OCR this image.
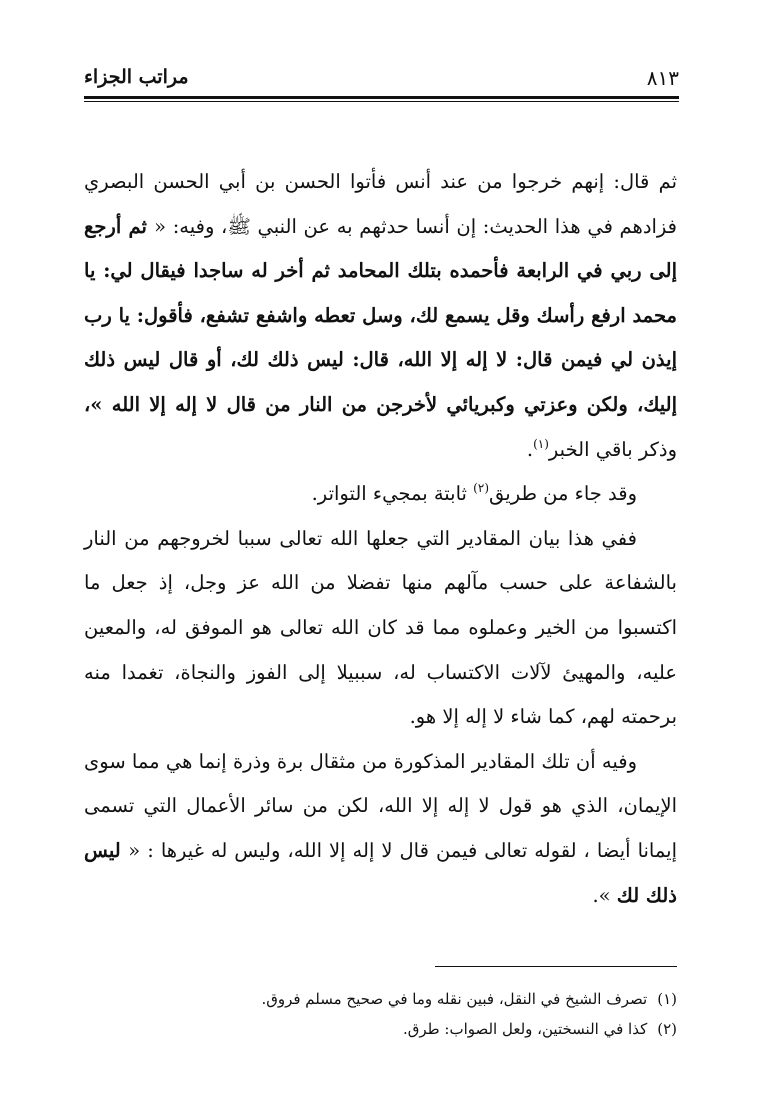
٨١٣
مراتب الجزاء

ثم قال: إنهم خرجوا من عند أنس فأتوا الحسن بن أبي الحسن البصري فزادهم في هذا الحديث: إن أنسا حدثهم به عن النبي ﷺ، وفيه: « ثم أرجع إلى ربي في الرابعة فأحمده بتلك المحامد ثم أخر له ساجدا فيقال لي: يا محمد ارفع رأسك وقل يسمع لك، وسل تعطه واشفع تشفع، فأقول: يا رب إيذن لي فيمن قال: لا إله إلا الله، قال: ليس ذلك لك، أو قال ليس ذلك إليك، ولكن وعزتي وكبريائي لأخرجن من النار من قال لا إله إلا الله »، وذكر باقي الخبر$^{(١)}$.

وقد جاء من طريق$^{(٢)}$ ثابتة بمجيء التواتر.

ففي هذا بيان المقادير التي جعلها الله تعالى سببا لخروجهم من النار بالشفاعة على حسب مآلهم منها تفضلا من الله عز وجل، إذ جعل ما اكتسبوا من الخير وعملوه مما قد كان الله تعالى هو الموفق له، والمعين عليه، والمهيئ لآلات الاكتساب له، سببيلا إلى الفوز والنجاة، تغمدا منه برحمته لهم، كما شاء لا إله إلا هو.

وفيه أن تلك المقادير المذكورة من مثقال برة وذرة إنما هي مما سوى الإيمان، الذي هو قول لا إله إلا الله، لكن من سائر الأعمال التي تسمى إيمانا أيضا ، لقوله تعالى فيمن قال لا إله إلا الله، وليس له غيرها : « ليس ذلك لك ».

(١)تصرف الشيخ في النقل، فبين نقله وما في صحيح مسلم فروق.

(٢)كذا في النسختين، ولعل الصواب: طرق.
